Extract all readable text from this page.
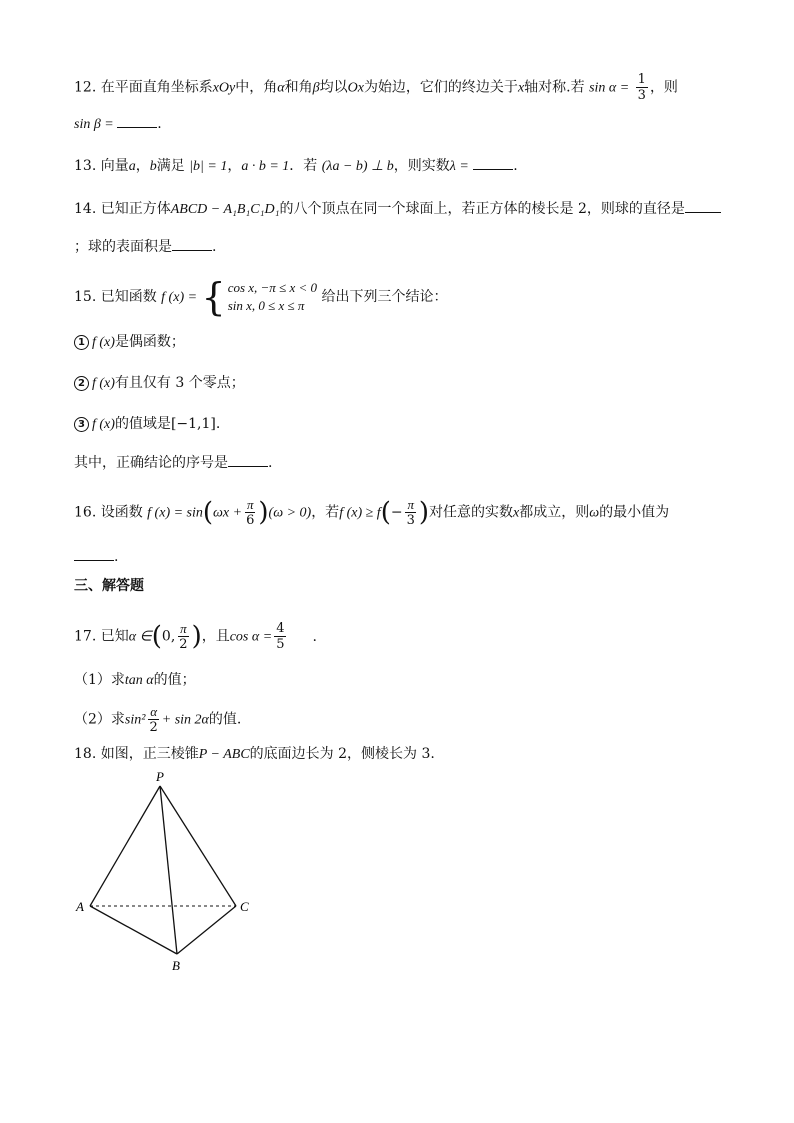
12. 在平面直角坐标系xOy中，角α和角β均以Ox为始边，它们的终边关于x轴对称.若 $\sin \alpha = \frac{1}{3}$ ，则
sin β =	.
13. 向量a，b满足 |b| = 1，a · b = 1．若 (λa − b) ⊥ b，则实数λ =	.
14. 已知正方体ABCD − A₁B₁C₁D₁的八个顶点在同一个球面上，若正方体的棱长是 2，则球的直径是
；球的表面积是	.
15. 已知函数 f (x) = { cos x, −π ≤ x < 0
sin x, 0 ≤ x ≤ π
给出下列三个结论：
1 f (x)是偶函数；
2 f (x)有且仅有 3 个零点；
3 f (x)的值域是[−1,1].
其中，正确结论的序号是	.
16. 设函数 f $(x) = \sin(\omega x + \frac{\pi}{6} )(\omega > 0)$，若f $(x) \ge f(- \frac{\pi}{3}$ )对任意的实数x都成立，则ω的最小值为
.
三、解答题
17. 已知α ∈(0, $\frac{\pi}{2}$ )，且$\cos \alpha = \frac{4}{5}$ .
（1）求tan α的值；
（2）求$\sin^2 \frac{\alpha}{2} + \sin 2\alpha$的值.
18. 如图，正三棱锥P − ABC的底面边长为 2，侧棱长为 3.
P
A	C
B
